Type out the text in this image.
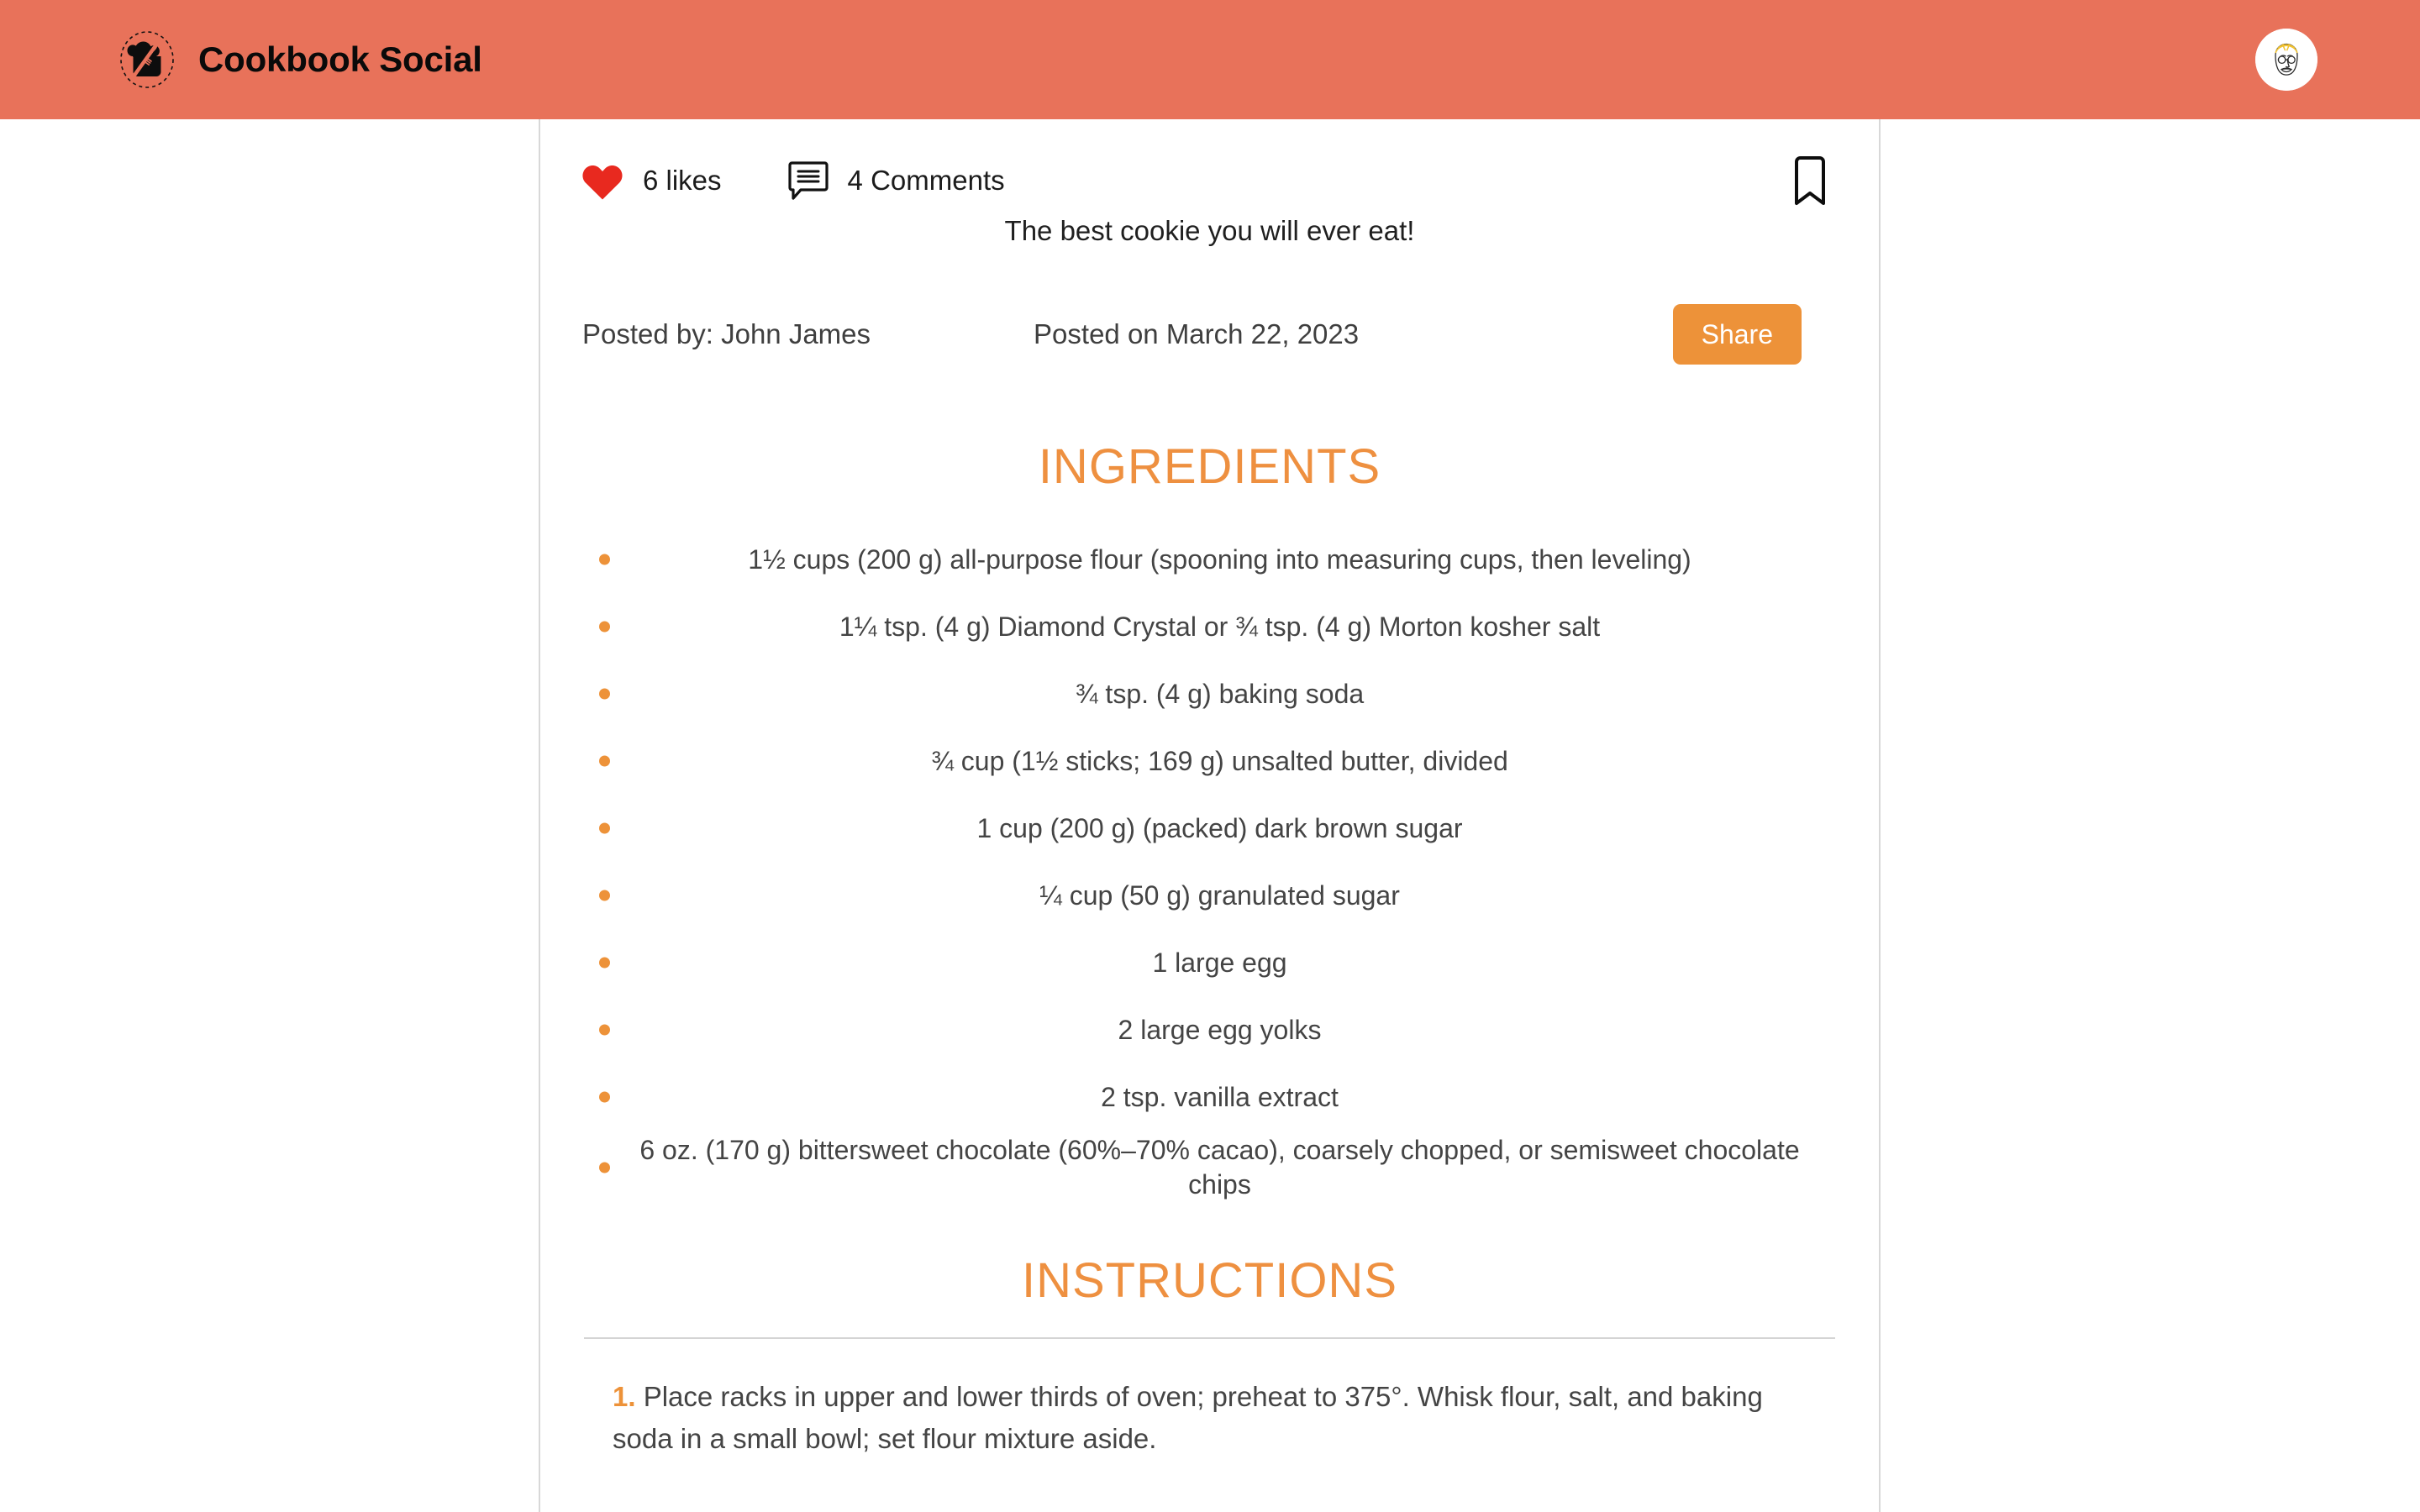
Cookbook Social
6 likes	4 Comments
The best cookie you will ever eat!
Posted by: John James	Posted on March 22, 2023	Share
INGREDIENTS
1½ cups (200 g) all-purpose flour (spooning into measuring cups, then leveling)
1¼ tsp. (4 g) Diamond Crystal or ¾ tsp. (4 g) Morton kosher salt
¾ tsp. (4 g) baking soda
¾ cup (1½ sticks; 169 g) unsalted butter, divided
1 cup (200 g) (packed) dark brown sugar
¼ cup (50 g) granulated sugar
1 large egg
2 large egg yolks
2 tsp. vanilla extract
6 oz. (170 g) bittersweet chocolate (60%–70% cacao), coarsely chopped, or semisweet chocolate chips
INSTRUCTIONS

1. Place racks in upper and lower thirds of oven; preheat to 375°. Whisk flour, salt, and baking soda in a small bowl; set flour mixture aside.
